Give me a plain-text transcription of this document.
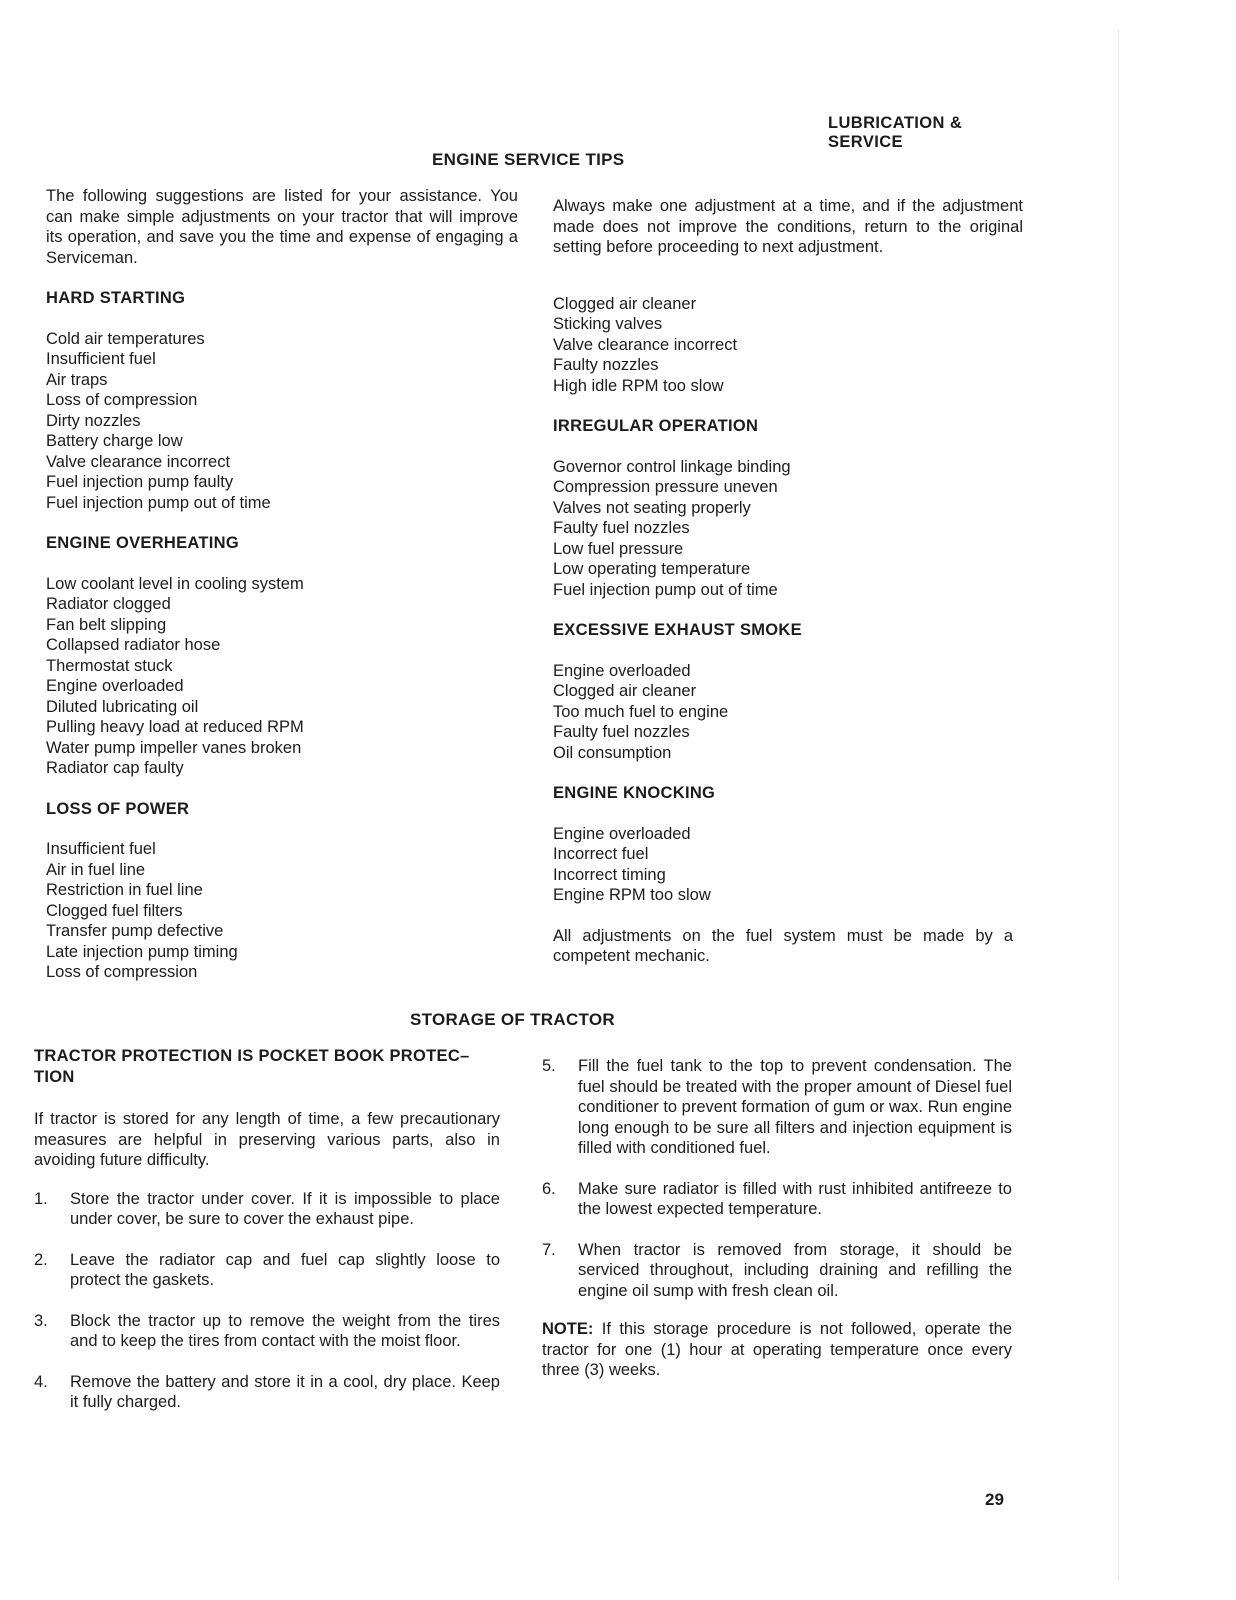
LUBRICATION & SERVICE
ENGINE SERVICE TIPS

The following suggestions are listed for your assistance. You can make simple adjustments on your tractor that will improve its operation, and save you the time and expense of engaging a Serviceman.

HARD STARTING
Cold air temperatures
Insufficient fuel
Air traps
Loss of compression
Dirty nozzles
Battery charge low
Valve clearance incorrect
Fuel injection pump faulty
Fuel injection pump out of time
ENGINE OVERHEATING
Low coolant level in cooling system
Radiator clogged
Fan belt slipping
Collapsed radiator hose
Thermostat stuck
Engine overloaded
Diluted lubricating oil
Pulling heavy load at reduced RPM
Water pump impeller vanes broken
Radiator cap faulty
LOSS OF POWER
Insufficient fuel
Air in fuel line
Restriction in fuel line
Clogged fuel filters
Transfer pump defective
Late injection pump timing
Loss of compression

Always make one adjustment at a time, and if the adjustment made does not improve the conditions, return to the original setting before proceeding to next adjustment.

Clogged air cleaner
Sticking valves
Valve clearance incorrect
Faulty nozzles
High idle RPM too slow
IRREGULAR OPERATION
Governor control linkage binding
Compression pressure uneven
Valves not seating properly
Faulty fuel nozzles
Low fuel pressure
Low operating temperature
Fuel injection pump out of time
EXCESSIVE EXHAUST SMOKE
Engine overloaded
Clogged air cleaner
Too much fuel to engine
Faulty fuel nozzles
Oil consumption
ENGINE KNOCKING
Engine overloaded
Incorrect fuel
Incorrect timing
Engine RPM too slow

All adjustments on the fuel system must be made by a competent mechanic.

STORAGE OF TRACTOR
TRACTOR PROTECTION IS POCKET BOOK PROTEC– TION

If tractor is stored for any length of time, a few precautionary measures are helpful in preserving various parts, also in avoiding future difficulty.

1. Store the tractor under cover. If it is impossible to place under cover, be sure to cover the exhaust pipe.
2. Leave the radiator cap and fuel cap slightly loose to protect the gaskets.
3. Block the tractor up to remove the weight from the tires and to keep the tires from contact with the moist floor.
4. Remove the battery and store it in a cool, dry place. Keep it fully charged.
5. Fill the fuel tank to the top to prevent condensation. The fuel should be treated with the proper amount of Diesel fuel conditioner to prevent formation of gum or wax. Run engine long enough to be sure all filters and injection equipment is filled with conditioned fuel.
6. Make sure radiator is filled with rust inhibited antifreeze to the lowest expected temperature.
7. When tractor is removed from storage, it should be serviced throughout, including draining and refilling the engine oil sump with fresh clean oil.

NOTE: If this storage procedure is not followed, operate the tractor for one (1) hour at operating temperature once every three (3) weeks.

29
